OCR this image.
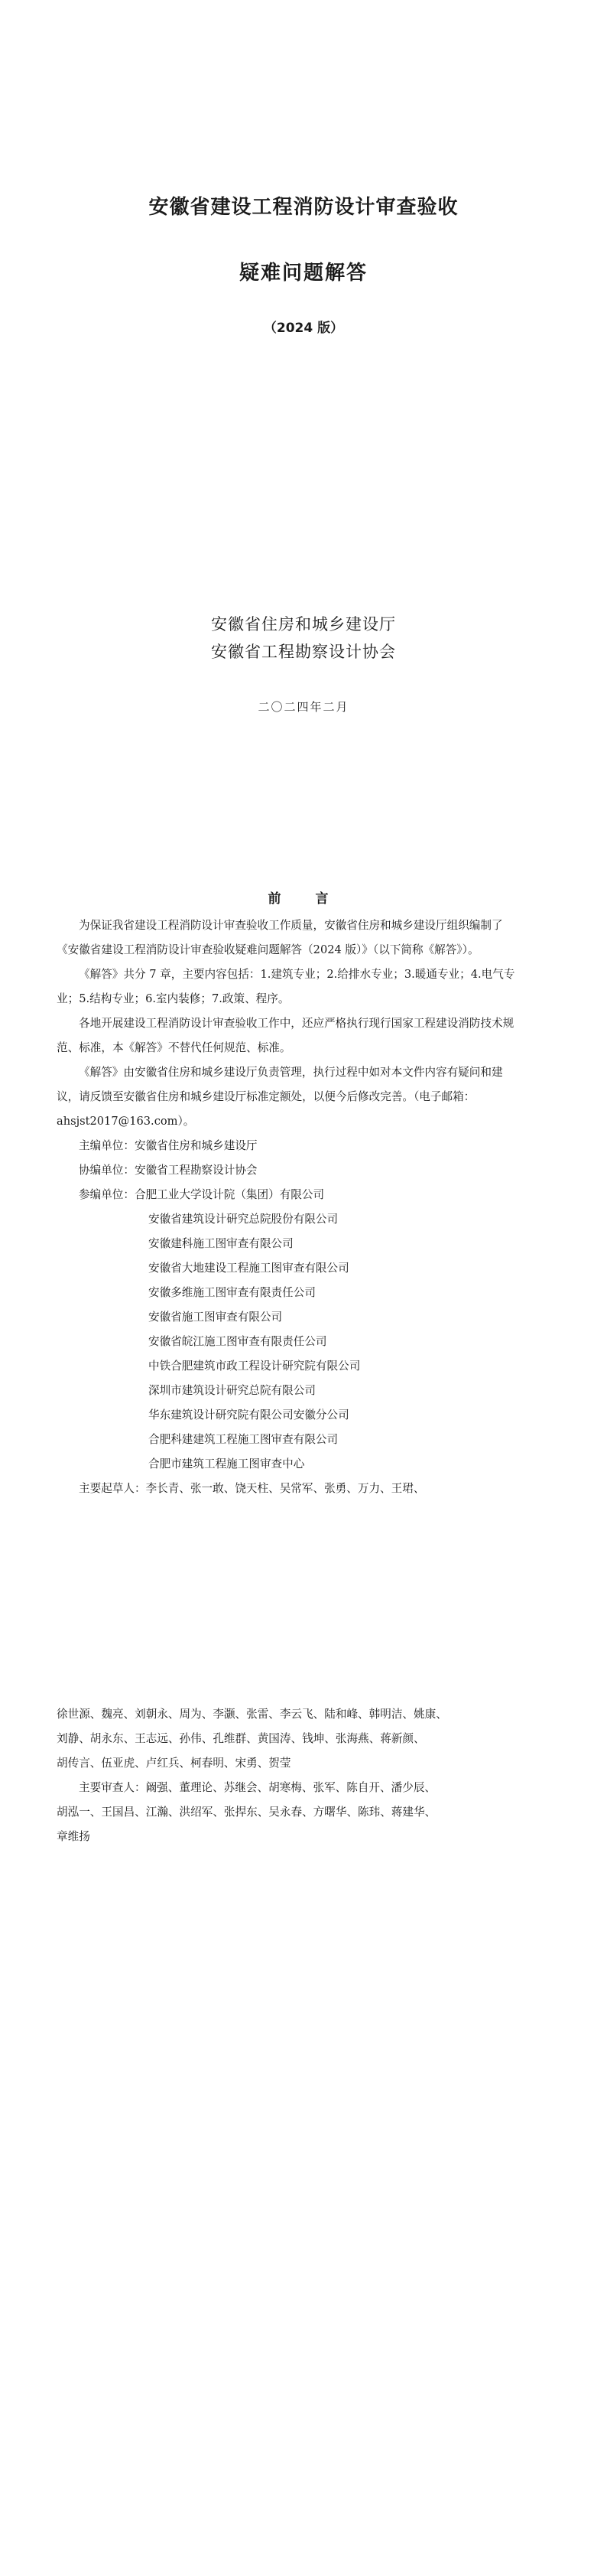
安徽省建设工程消防设计审查验收
疑难问题解答
（2024 版）
安徽省住房和城乡建设厅
安徽省工程勘察设计协会
二〇二四年二月
前　言
为保证我省建设工程消防设计审查验收工作质量，安徽省住房和城乡建设厅组织编制了《安徽省建设工程消防设计审查验收疑难问题解答（2024 版）》（以下简称《解答》）。
《解答》共分 7 章，主要内容包括：1.建筑专业；2.给排水专业；3.暖通专业；4.电气专业；5.结构专业；6.室内装修；7.政策、程序。
各地开展建设工程消防设计审查验收工作中，还应严格执行现行国家工程建设消防技术规范、标准，本《解答》不替代任何规范、标准。
《解答》由安徽省住房和城乡建设厅负责管理，执行过程中如对本文件内容有疑问和建议，请反馈至安徽省住房和城乡建设厅标准定额处，以便今后修改完善。（电子邮箱：ahsjst2017@163.com）。
主编单位：安徽省住房和城乡建设厅
协编单位：安徽省工程勘察设计协会
参编单位：合肥工业大学设计院（集团）有限公司
安徽省建筑设计研究总院股份有限公司
安徽建科施工图审查有限公司
安徽省大地建设工程施工图审查有限公司
安徽多维施工图审查有限责任公司
安徽省施工图审查有限公司
安徽省皖江施工图审查有限责任公司
中铁合肥建筑市政工程设计研究院有限公司
深圳市建筑设计研究总院有限公司
华东建筑设计研究院有限公司安徽分公司
合肥科建建筑工程施工图审查有限公司
合肥市建筑工程施工图审查中心
主要起草人：李长青、张一敢、饶天柱、吴常军、张勇、万力、王珺、
徐世源、魏亮、刘朝永、周为、李灏、张雷、李云飞、陆和峰、韩明洁、姚康、
刘静、胡永东、王志远、孙伟、孔维群、黄国涛、钱坤、张海燕、蒋新颜、
胡传言、伍亚虎、卢红兵、柯春明、宋勇、贺莹
主要审查人：阚强、董理论、苏继会、胡寒梅、张军、陈自开、潘少辰、
胡泓一、王国昌、江瀚、洪绍军、张捍东、吴永春、方曙华、陈玮、蒋建华、
章维扬
